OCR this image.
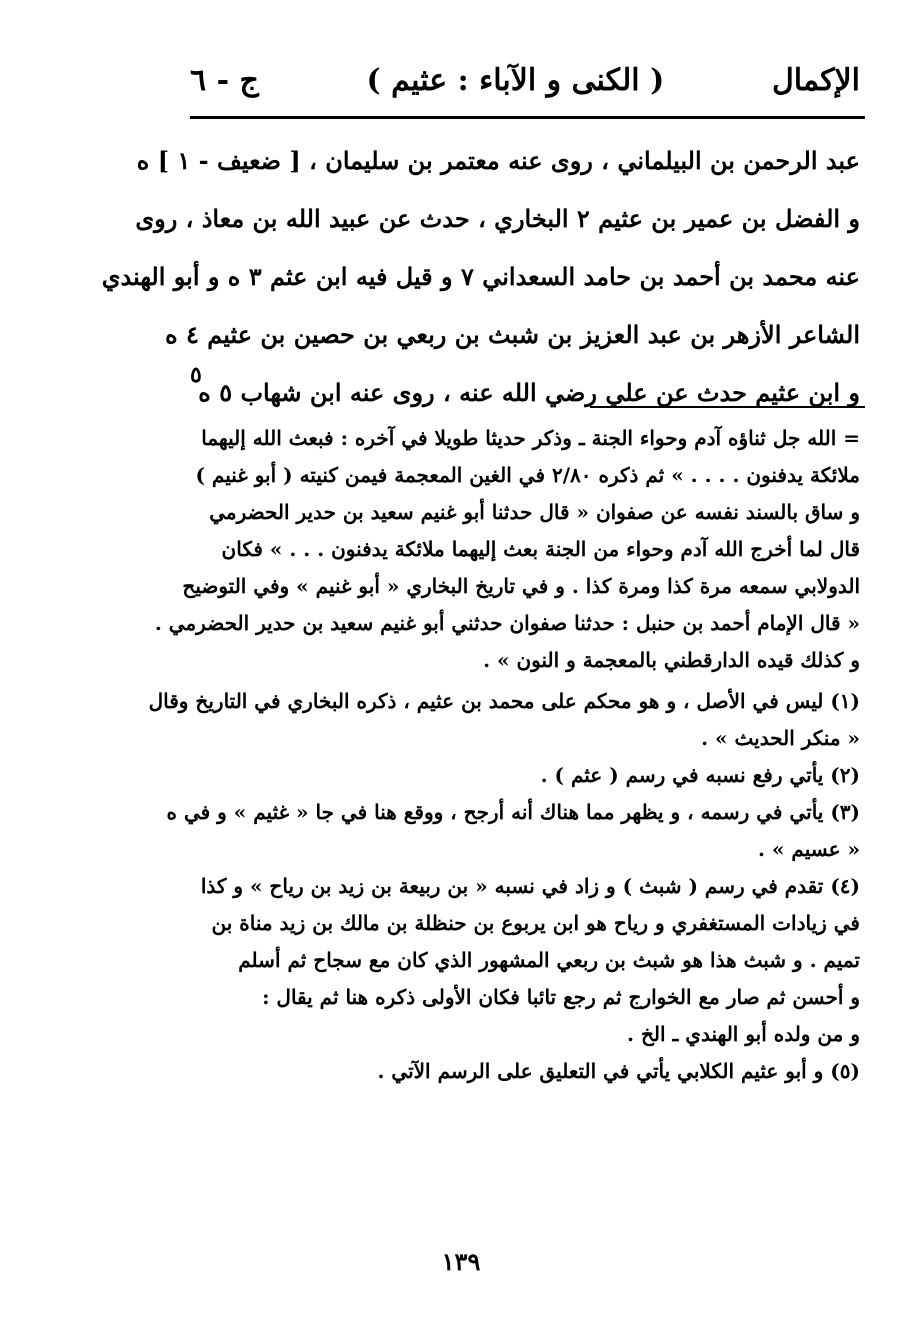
الإكمال
( الكنى و الآباء : عثيم )
ج - ٦
عبد الرحمن بن البيلماني ، روى عنه معتمر بن سليمان ، [ ضعيف - ١ ] ه
و الفضل بن عمير بن عثيم ٢ البخاري ، حدث عن عبيد الله بن معاذ ، روى
عنه محمد بن أحمد بن حامد السعداني ٧ و قيل فيه ابن عثم ٣ ه و أبو الهندي
الشاعر الأزهر بن عبد العزيز بن شبث بن ربعي بن حصين بن عثيم ٤ ه
و ابن عثيم حدث عن علي رضي الله عنه ، روى عنه ابن شهاب ٥ ه
٥
= الله جل ثناؤه آدم وحواء الجنة ـ وذكر حديثا طويلا في آخره : فبعث الله إليهما
ملائكة يدفنون . . . . » ثم ذكره ٢/٨٠ في الغين المعجمة فيمن كنيته ( أبو غنيم )
و ساق بالسند نفسه عن صفوان « قال حدثنا أبو غنيم سعيد بن حدير الحضرمي
قال لما أخرج الله آدم وحواء من الجنة بعث إليهما ملائكة يدفنون . . . » فكان
الدولابي سمعه مرة كذا ومرة كذا . و في تاريخ البخاري « أبو غنيم » وفي التوضيح
« قال الإمام أحمد بن حنبل : حدثنا صفوان حدثني أبو غنيم سعيد بن حدير الحضرمي .
و كذلك قيده الدارقطني بالمعجمة و النون » .
(١) ليس في الأصل ، و هو محكم على محمد بن عثيم ، ذكره البخاري في التاريخ وقال
« منكر الحديث » .
(٢) يأتي رفع نسبه في رسم ( عثم ) .
(٣) يأتي في رسمه ، و يظهر مما هناك أنه أرجح ، ووقع هنا في جا « غثيم » و في ه
« عسيم » .
(٤) تقدم في رسم ( شبث ) و زاد في نسبه « بن ربيعة بن زيد بن رياح » و كذا
في زيادات المستغفري و رياح هو ابن يربوع بن حنظلة بن مالك بن زيد مناة بن
تميم . و شبث هذا هو شبث بن ربعي المشهور الذي كان مع سجاح ثم أسلم
و أحسن ثم صار مع الخوارج ثم رجع تائبا فكان الأولى ذكره هنا ثم يقال :
و من ولده أبو الهندي ـ الخ .
(٥) و أبو عثيم الكلابي يأتي في التعليق على الرسم الآتي .
١٣٩
